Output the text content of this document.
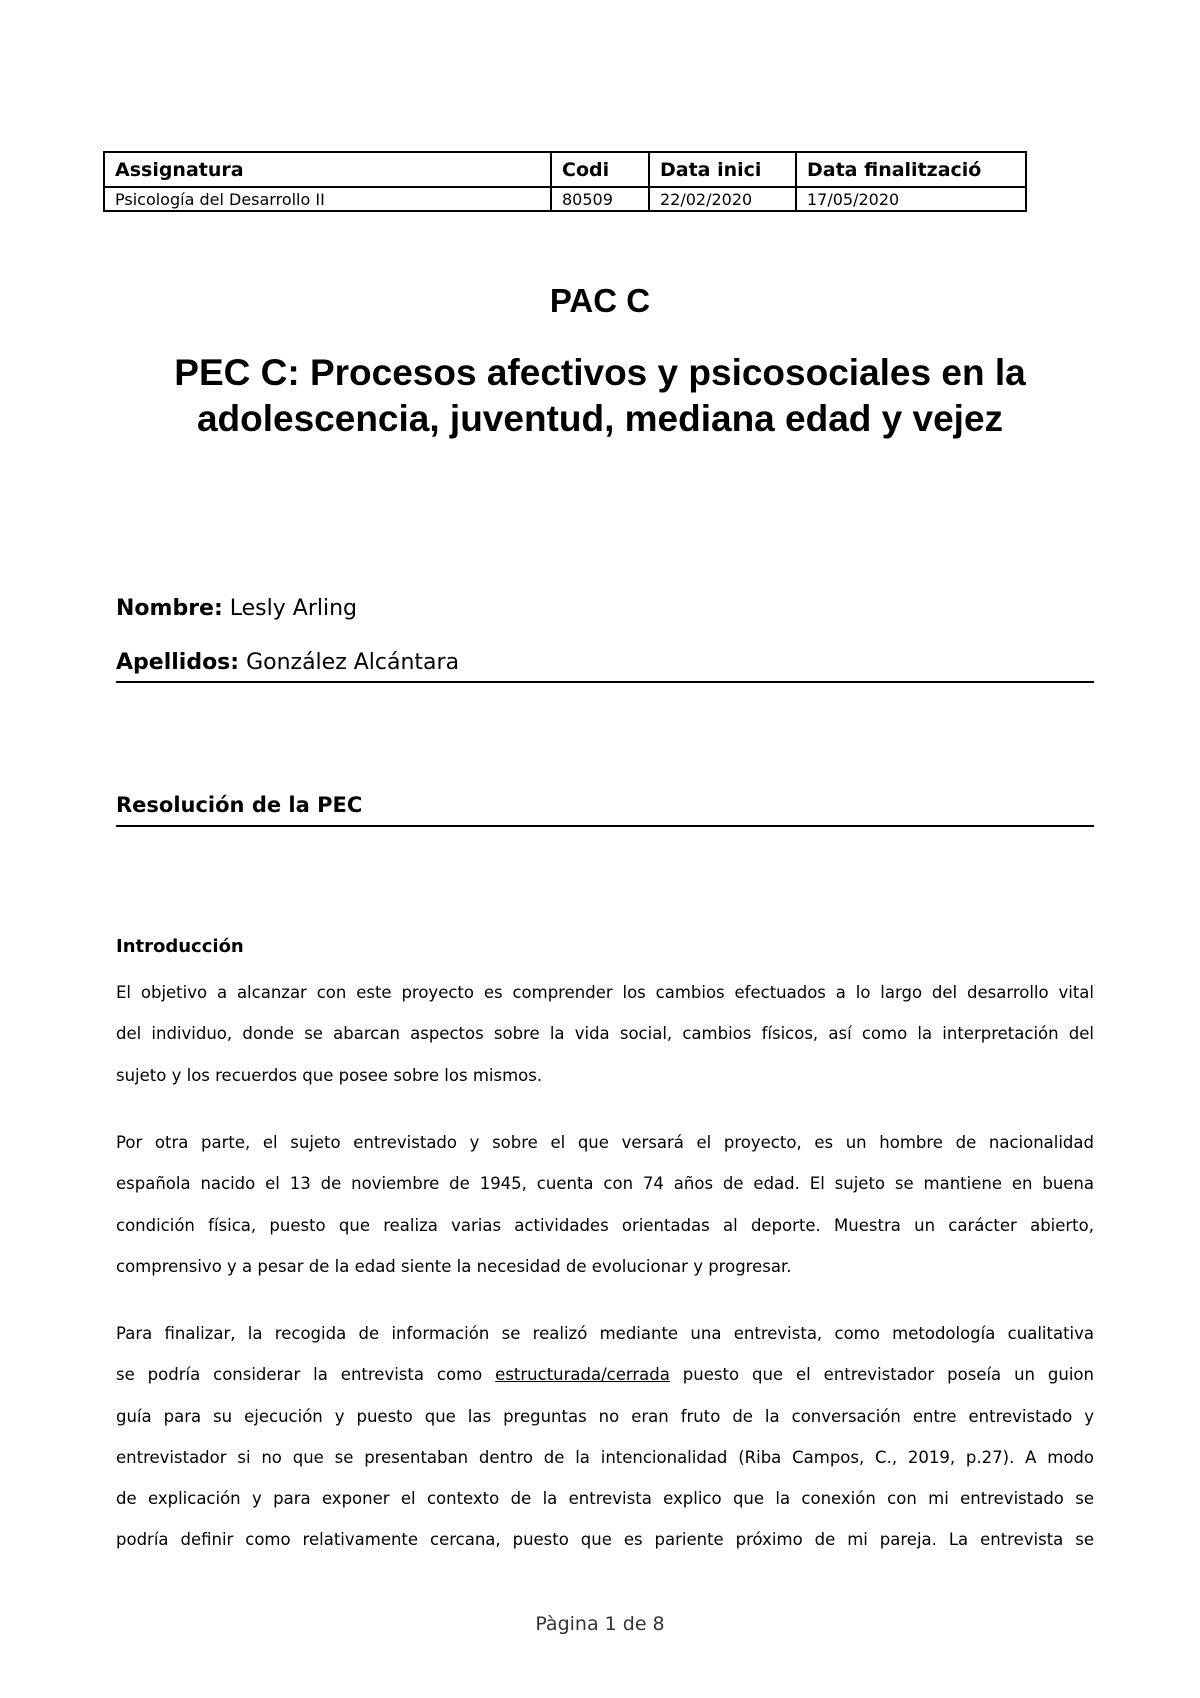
Assignatura	Codi	Data inici	Data finalització
Psicología del Desarrollo II	80509	22/02/2020	17/05/2020
PAC C
PEC C: Procesos afectivos y psicosociales en la
adolescencia, juventud, mediana edad y vejez
Nombre: Lesly Arling
Apellidos: González Alcántara
Resolución de la PEC
Introducción
El objetivo a alcanzar con este proyecto es comprender los cambios efectuados a lo largo del desarrollo vital
del individuo, donde se abarcan aspectos sobre la vida social, cambios físicos, así como la interpretación del
sujeto y los recuerdos que posee sobre los mismos.
Por otra parte, el sujeto entrevistado y sobre el que versará el proyecto, es un hombre de nacionalidad
española nacido el 13 de noviembre de 1945, cuenta con 74 años de edad. El sujeto se mantiene en buena
condición física, puesto que realiza varias actividades orientadas al deporte. Muestra un carácter abierto,
comprensivo y a pesar de la edad siente la necesidad de evolucionar y progresar.
Para finalizar, la recogida de información se realizó mediante una entrevista, como metodología cualitativa
se podría considerar la entrevista como estructurada/cerrada puesto que el entrevistador poseía un guion
guía para su ejecución y puesto que las preguntas no eran fruto de la conversación entre entrevistado y
entrevistador si no que se presentaban dentro de la intencionalidad (Riba Campos, C., 2019, p.27). A modo
de explicación y para exponer el contexto de la entrevista explico que la conexión con mi entrevistado se
podría definir como relativamente cercana, puesto que es pariente próximo de mi pareja. La entrevista se
Pàgina 1 de 8
